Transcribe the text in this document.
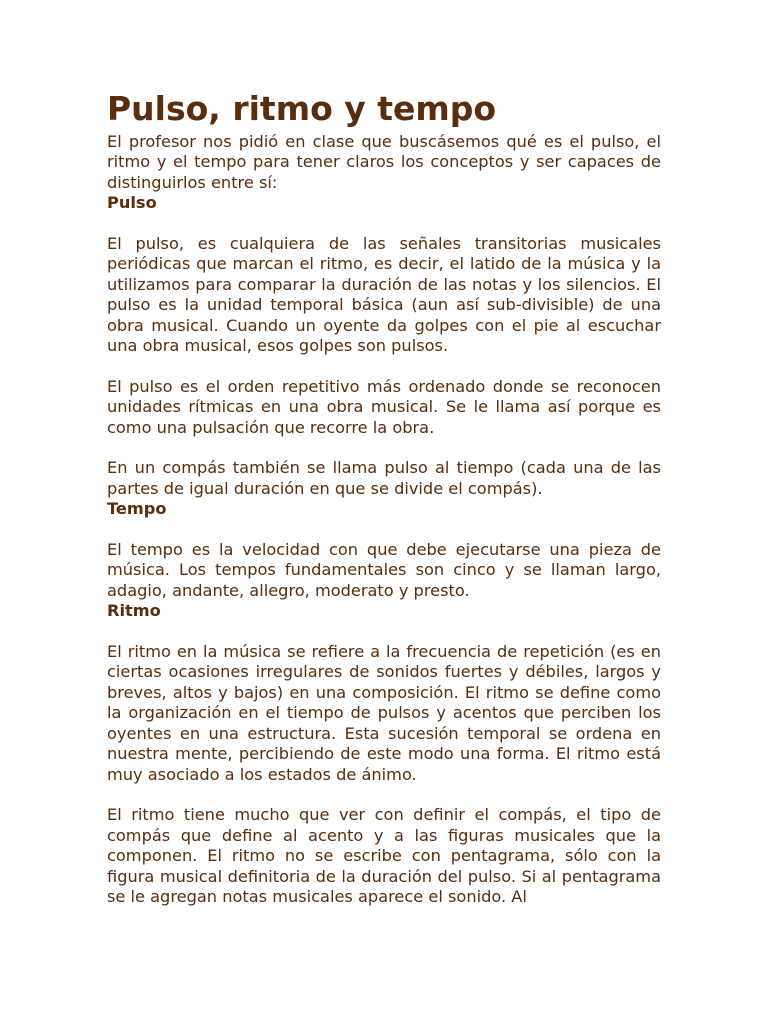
Pulso, ritmo y tempo

El profesor nos pidió en clase que buscásemos qué es el pulso, el ritmo y el tempo para tener claros los conceptos y ser capaces de distinguirlos entre sí:

Pulso

El pulso, es cualquiera de las señales transitorias musicales periódicas que marcan el ritmo, es decir, el latido de la música y la utilizamos para comparar la duración de las notas y los silencios. El pulso es la unidad temporal básica (aun así sub-divisible) de una obra musical. Cuando un oyente da golpes con el pie al escuchar una obra musical, esos golpes son pulsos.

El pulso es el orden repetitivo más ordenado donde se reconocen unidades rítmicas en una obra musical. Se le llama así porque es como una pulsación que recorre la obra.

En un compás también se llama pulso al tiempo (cada una de las partes de igual duración en que se divide el compás).

Tempo

El tempo es la velocidad con que debe ejecutarse una pieza de música. Los tempos fundamentales son cinco y se llaman largo, adagio, andante, allegro, moderato y presto.

Ritmo

El ritmo en la música se refiere a la frecuencia de repetición (es en ciertas ocasiones irregulares de sonidos fuertes y débiles, largos y breves, altos y bajos) en una composición. El ritmo se define como la organización en el tiempo de pulsos y acentos que perciben los oyentes en una estructura. Esta sucesión temporal se ordena en nuestra mente, percibiendo de este modo una forma. El ritmo está muy asociado a los estados de ánimo.

El ritmo tiene mucho que ver con definir el compás, el tipo de compás que define al acento y a las figuras musicales que la componen. El ritmo no se escribe con pentagrama, sólo con la figura musical definitoria de la duración del pulso. Si al pentagrama se le agregan notas musicales aparece el sonido. Al
